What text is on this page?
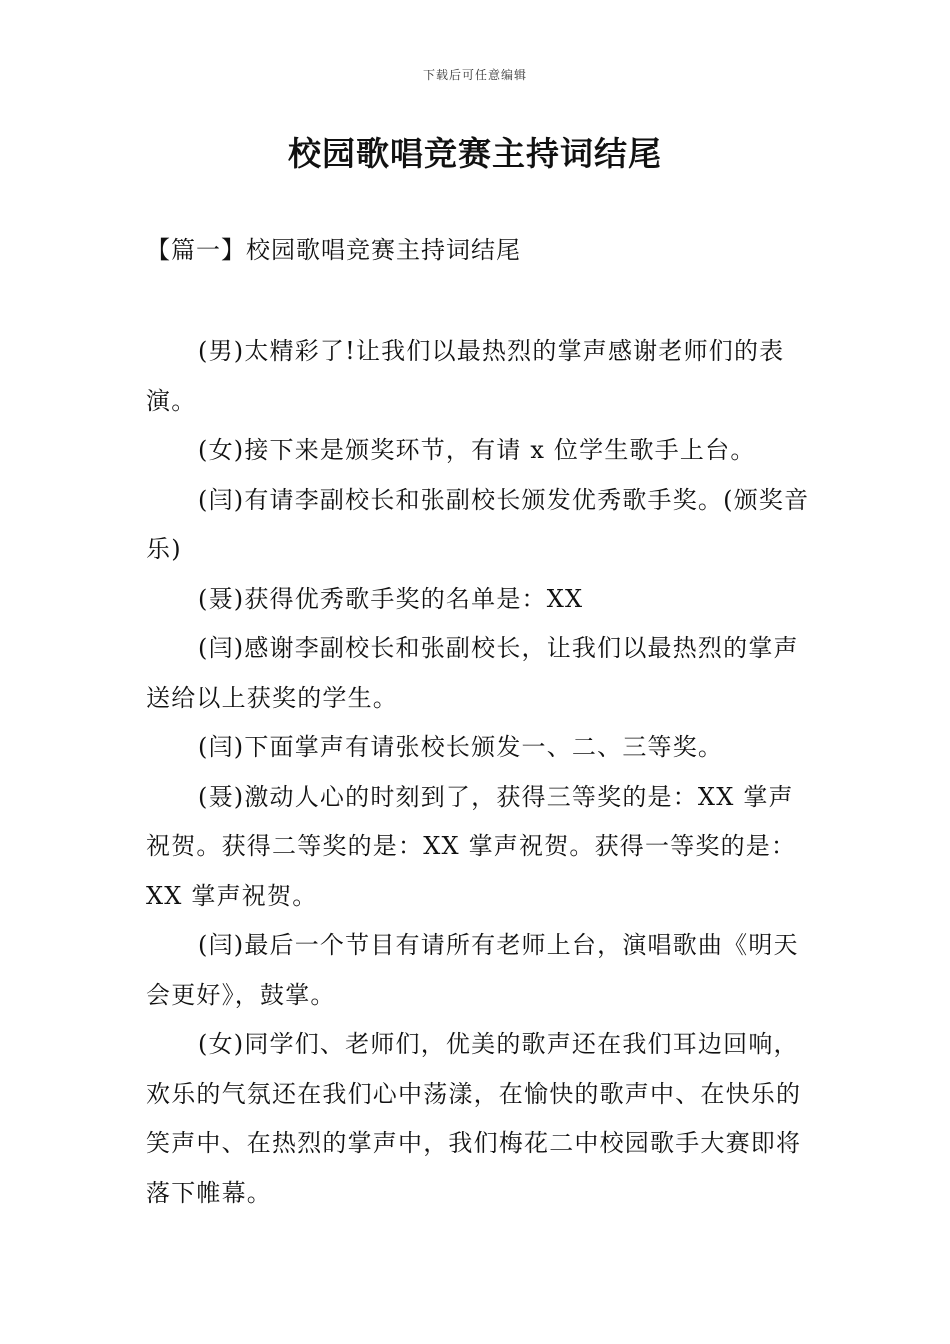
下载后可任意编辑
校园歌唱竞赛主持词结尾
【篇一】校园歌唱竞赛主持词结尾

(男)太精彩了!让我们以最热烈的掌声感谢老师们的表演。

(女)接下来是颁奖环节，有请 x 位学生歌手上台。

(闫)有请李副校长和张副校长颁发优秀歌手奖。(颁奖音乐)

(聂)获得优秀歌手奖的名单是：XX

(闫)感谢李副校长和张副校长，让我们以最热烈的掌声送给以上获奖的学生。

(闫)下面掌声有请张校长颁发一、二、三等奖。

(聂)激动人心的时刻到了，获得三等奖的是：XX 掌声祝贺。获得二等奖的是：XX 掌声祝贺。获得一等奖的是：XX 掌声祝贺。

(闫)最后一个节目有请所有老师上台，演唱歌曲《明天会更好》，鼓掌。

(女)同学们、老师们，优美的歌声还在我们耳边回响，欢乐的气氛还在我们心中荡漾，在愉快的歌声中、在快乐的笑声中、在热烈的掌声中，我们梅花二中校园歌手大赛即将落下帷幕。
